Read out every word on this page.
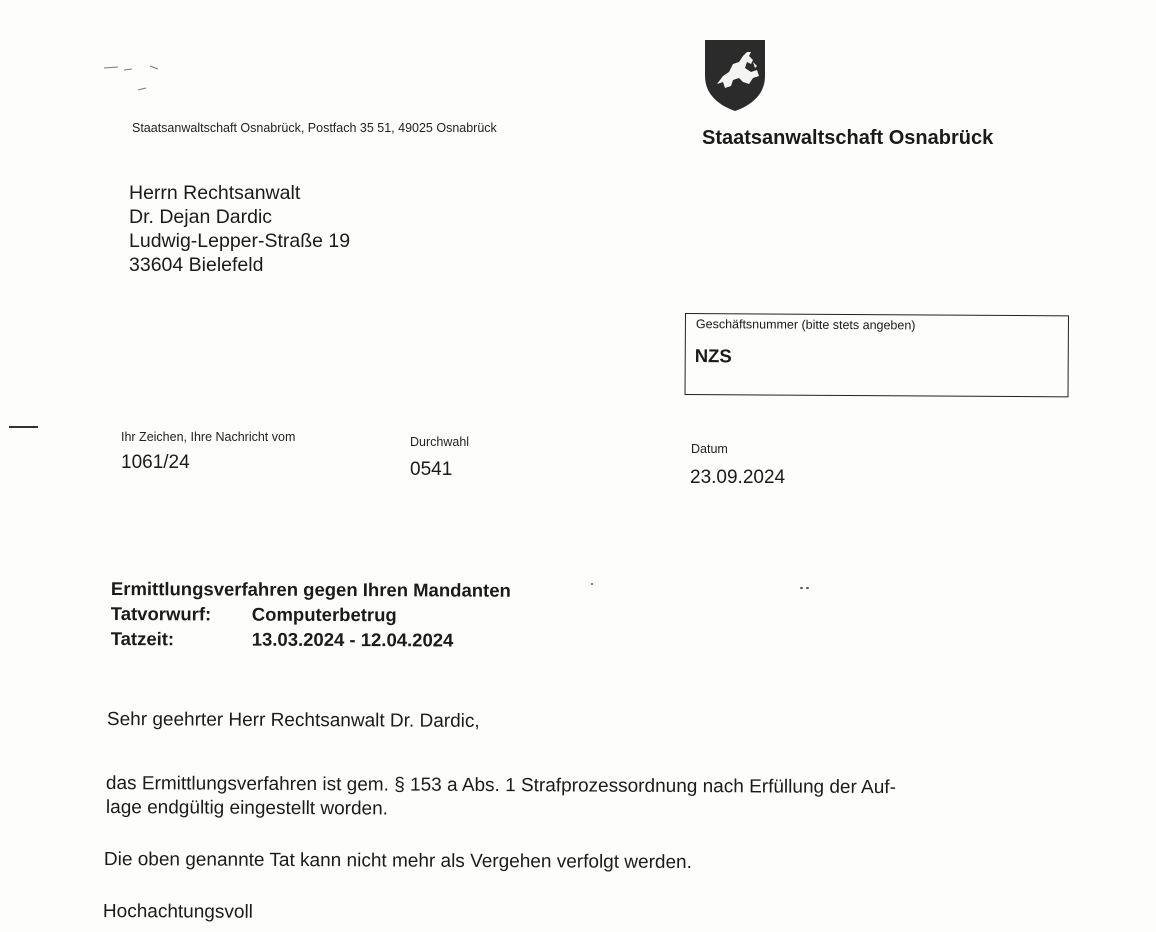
Staatsanwaltschaft Osnabrück, Postfach 35 51, 49025 Osnabrück	Staatsanwaltschaft Osnabrück
Herrn Rechtsanwalt
Dr. Dejan Dardic
Ludwig-Lepper-Straße 19
33604 Bielefeld
Geschäftsnummer (bitte stets angeben)
NZS
Ihr Zeichen, Ihre Nachricht vom
1061/24
Durchwahl
0541
Datum
23.09.2024
Ermittlungsverfahren gegen Ihren Mandanten
Tatvorwurf:	Computerbetrug
Tatzeit:	13.03.2024 - 12.04.2024
Sehr geehrter Herr Rechtsanwalt Dr. Dardic,
das Ermittlungsverfahren ist gem. § 153 a Abs. 1 Strafprozessordnung nach Erfüllung der Auf-
lage endgültig eingestellt worden.
Die oben genannte Tat kann nicht mehr als Vergehen verfolgt werden.
Hochachtungsvoll
